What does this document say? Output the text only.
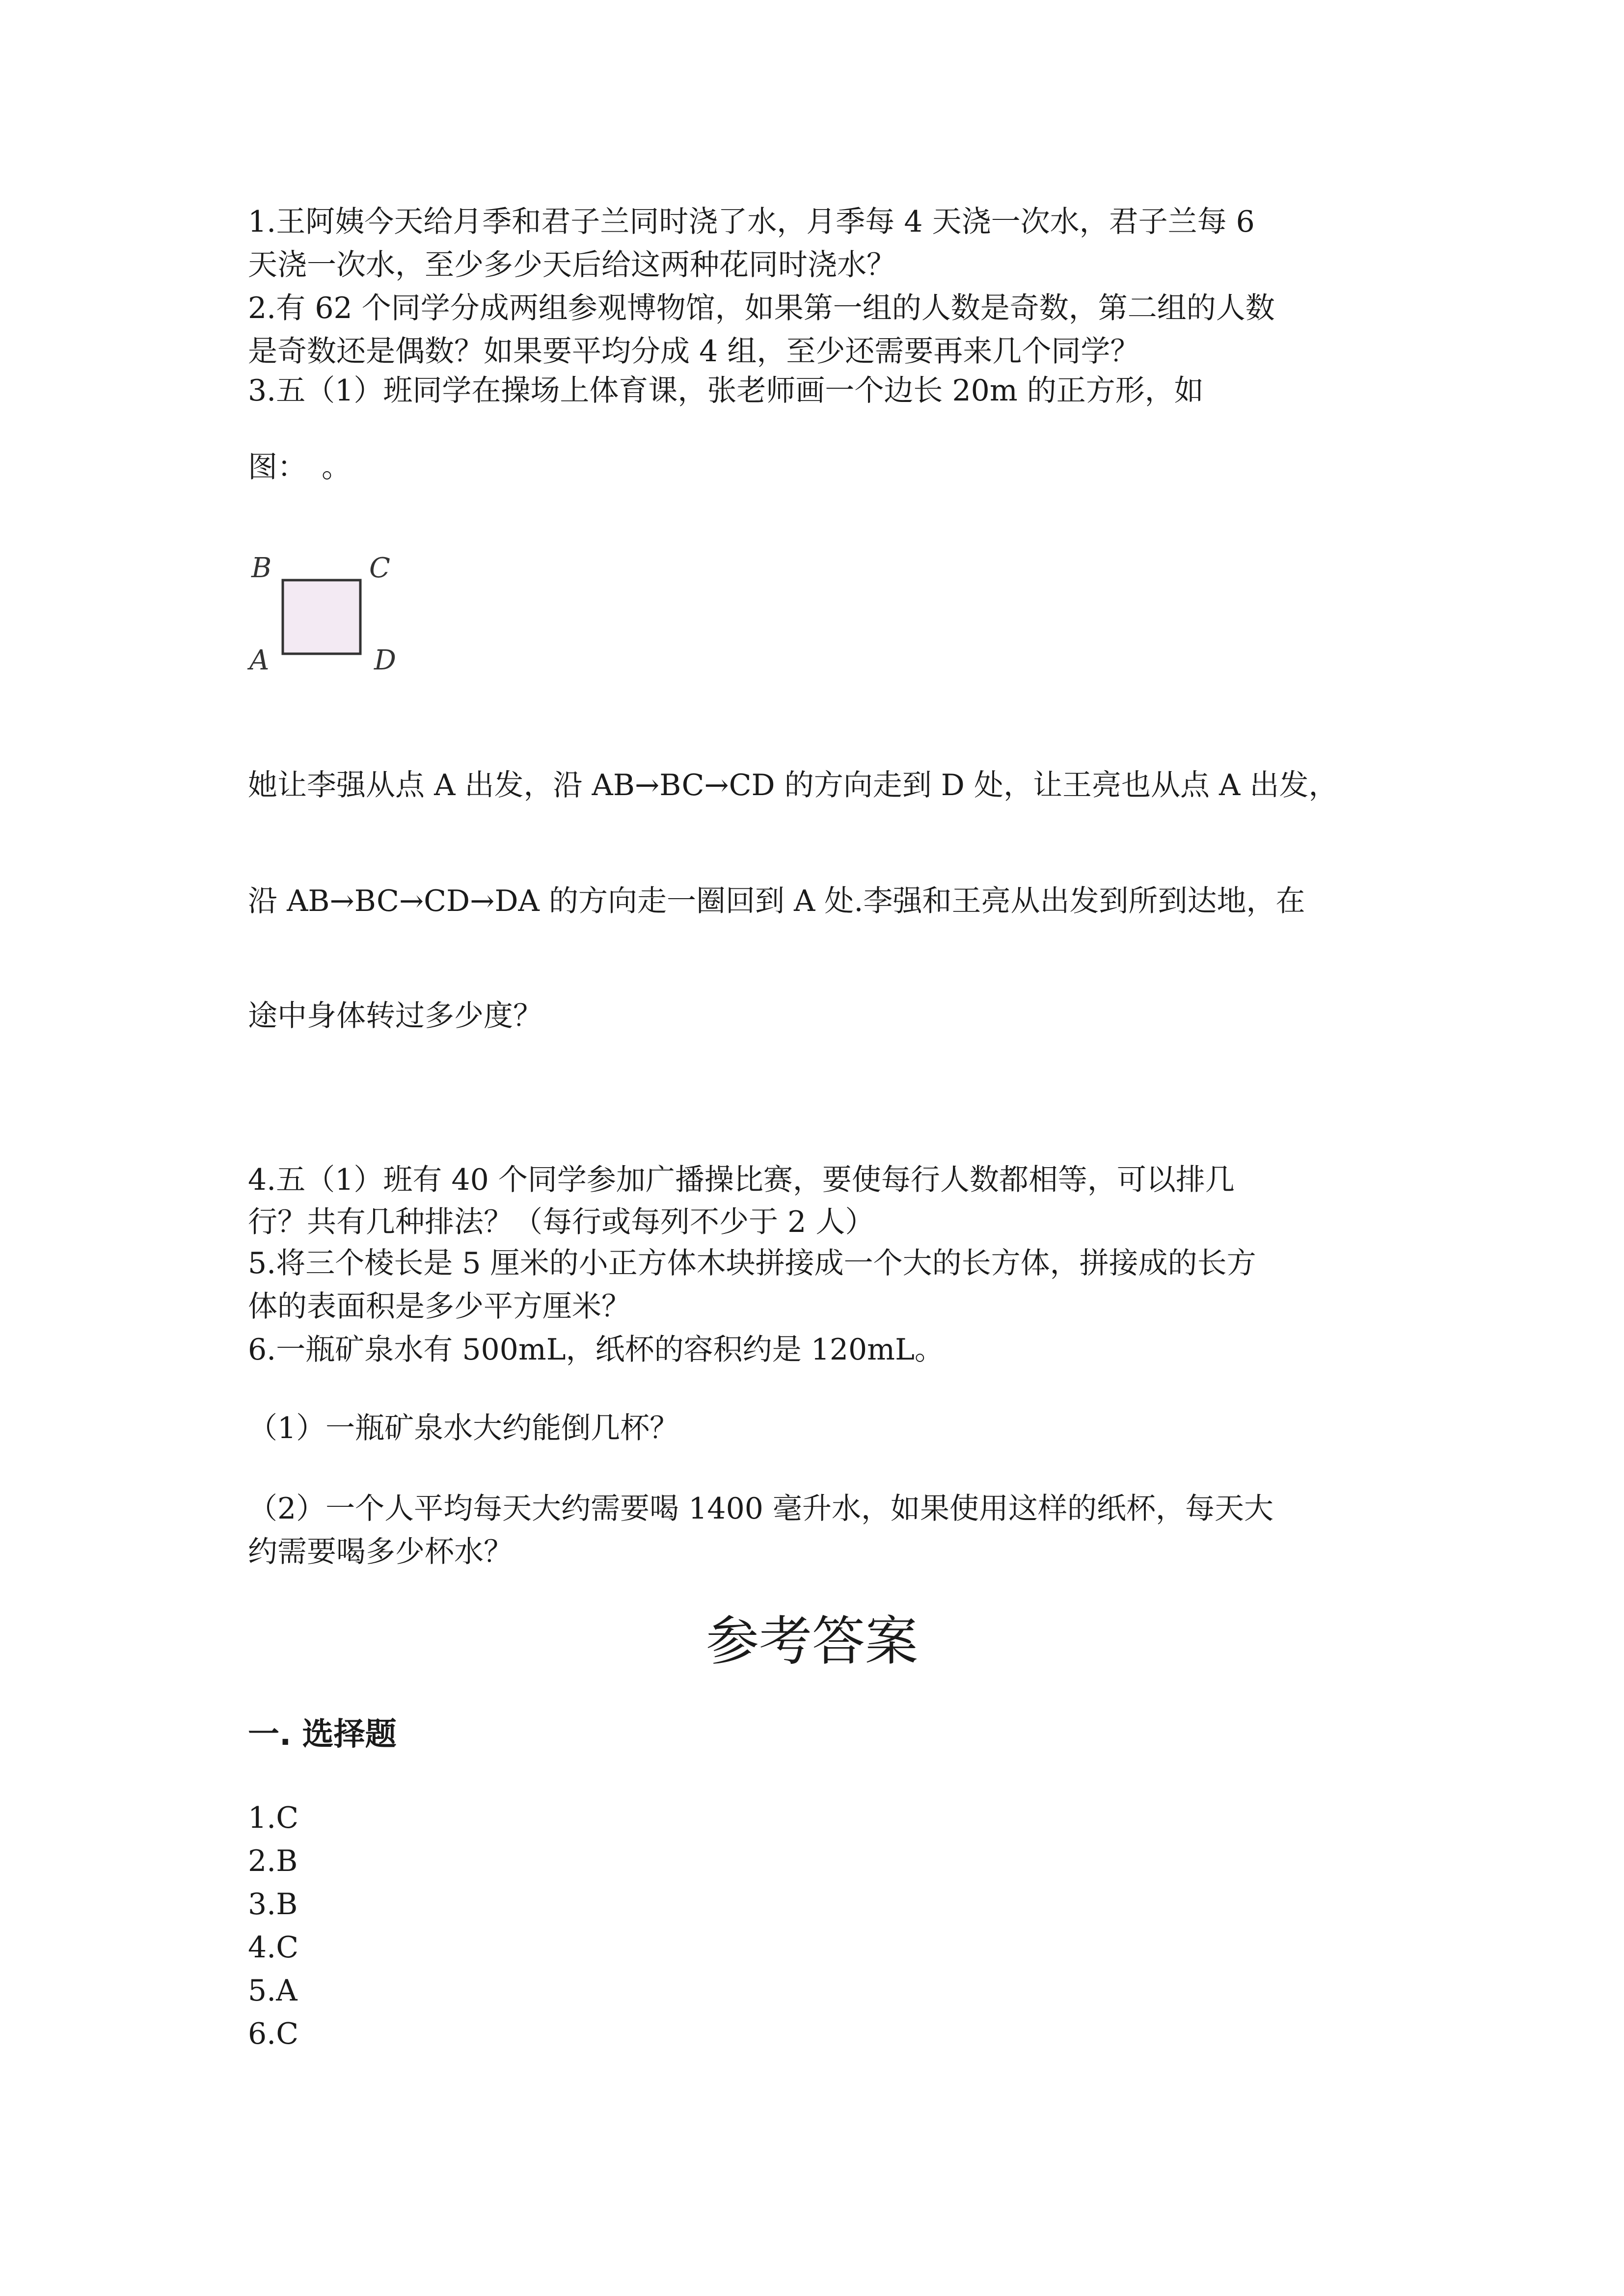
1.王阿姨今天给月季和君子兰同时浇了水，月季每 4 天浇一次水，君子兰每 6

天浇一次水，至少多少天后给这两种花同时浇水？

2.有 62 个同学分成两组参观博物馆，如果第一组的人数是奇数，第二组的人数

是奇数还是偶数？如果要平均分成 4 组，至少还需要再来几个同学？

3.五（1）班同学在操场上体育课，张老师画一个边长 20m 的正方形，如

图：　。

B	C
A	D

她让李强从点 A 出发，沿 AB→BC→CD 的方向走到 D 处，让王亮也从点 A 出发，

沿 AB→BC→CD→DA 的方向走一圈回到 A 处.李强和王亮从出发到所到达地，在

途中身体转过多少度？

4.五（1）班有 40 个同学参加广播操比赛，要使每行人数都相等，可以排几

行？共有几种排法？（每行或每列不少于 2 人）

5.将三个棱长是 5 厘米的小正方体木块拼接成一个大的长方体，拼接成的长方

体的表面积是多少平方厘米？

6.一瓶矿泉水有 500mL，纸杯的容积约是 120mL。

（1）一瓶矿泉水大约能倒几杯？

（2）一个人平均每天大约需要喝 1400 毫升水，如果使用这样的纸杯，每天大

约需要喝多少杯水？

参考答案
一. 选择题
1.C
2.B
3.B
4.C
5.A
6.C
